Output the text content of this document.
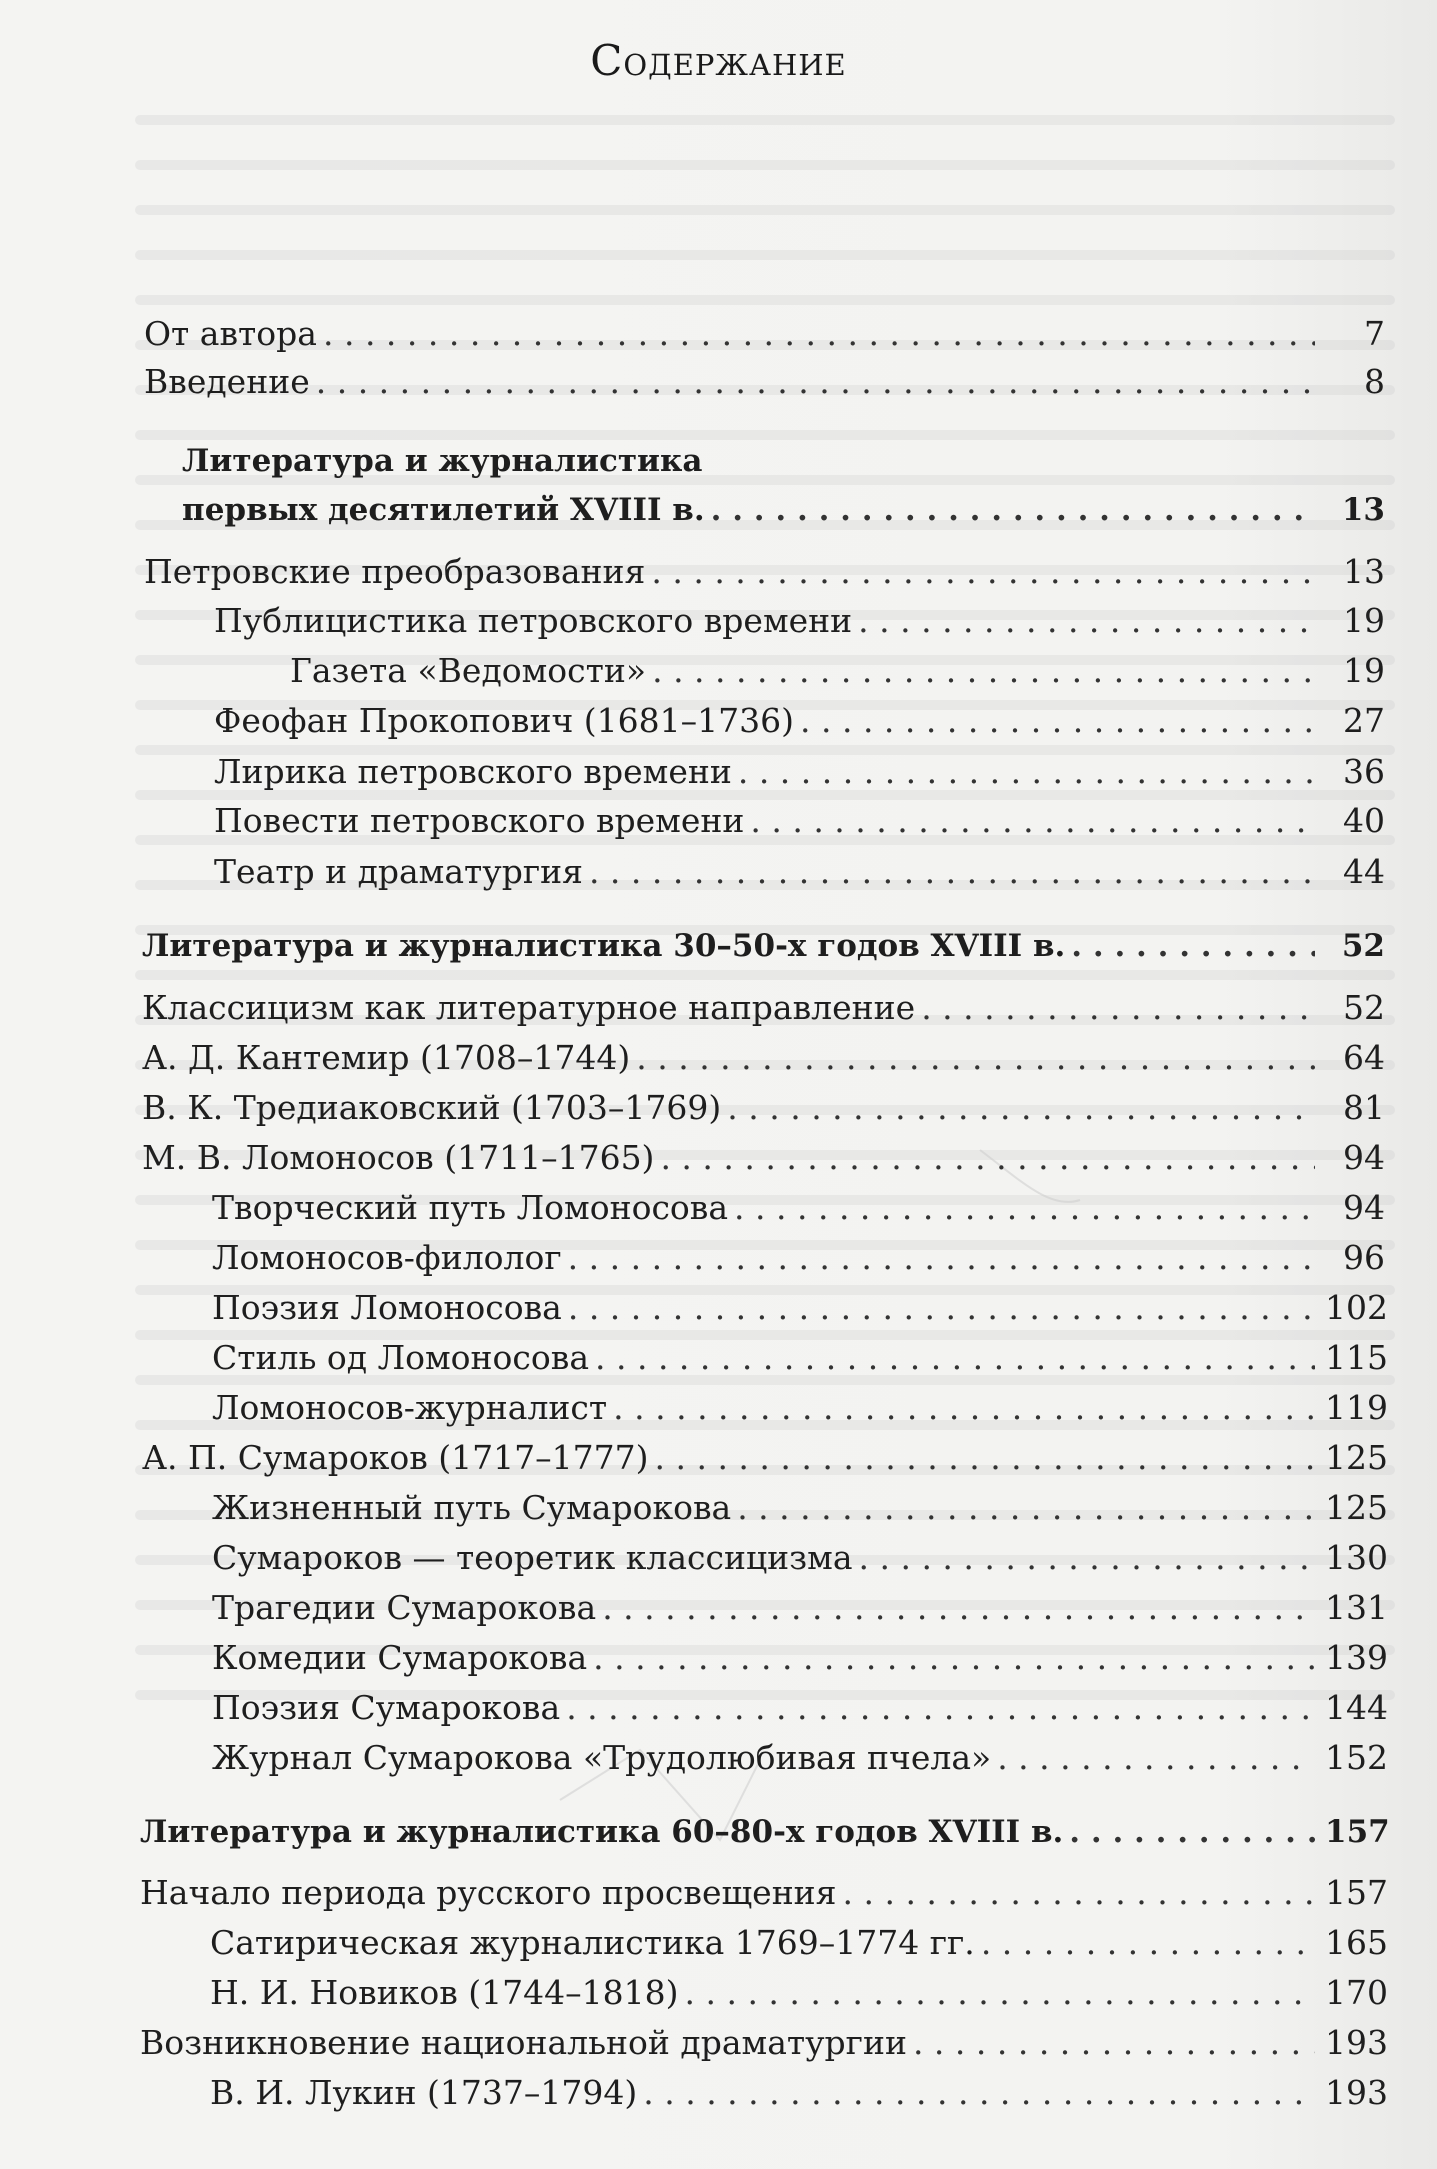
Содержание
От автора . . .	7
Введение . . .	8
Литература и журналистика
первых десятилетий XVIII в. . . .	13
Петровские преобразования . . .	13
Публицистика петровского времени . . .	19
Газета «Ведомости» . . .	19
Феофан Прокопович (1681–1736) . . .	27
Лирика петровского времени . . .	36
Повести петровского времени . . .	40
Театр и драматургия . . .	44
Литература и журналистика 30–50-х годов XVIII в. . . .	52
Классицизм как литературное направление . . .	52
А. Д. Кантемир (1708–1744) . . .	64
В. К. Тредиаковский (1703–1769) . . .	81
М. В. Ломоносов (1711–1765) . . .	94
Творческий путь Ломоносова . . .	94
Ломоносов-филолог . . .	96
Поэзия Ломоносова . . .	102
Стиль од Ломоносова . . .	115
Ломоносов-журналист . . .	119
А. П. Сумароков (1717–1777) . . .	125
Жизненный путь Сумарокова . . .	125
Сумароков — теоретик классицизма . . .	130
Трагедии Сумарокова . . .	131
Комедии Сумарокова . . .	139
Поэзия Сумарокова . . .	144
Журнал Сумарокова «Трудолюбивая пчела» . . .	152
Литература и журналистика 60–80-х годов XVIII в. . . .	157
Начало периода русского просвещения . . .	157
Сатирическая журналистика 1769–1774 гг. . . .	165
Н. И. Новиков (1744–1818) . . .	170
Возникновение национальной драматургии . . .	193
В. И. Лукин (1737–1794) . . .	193
